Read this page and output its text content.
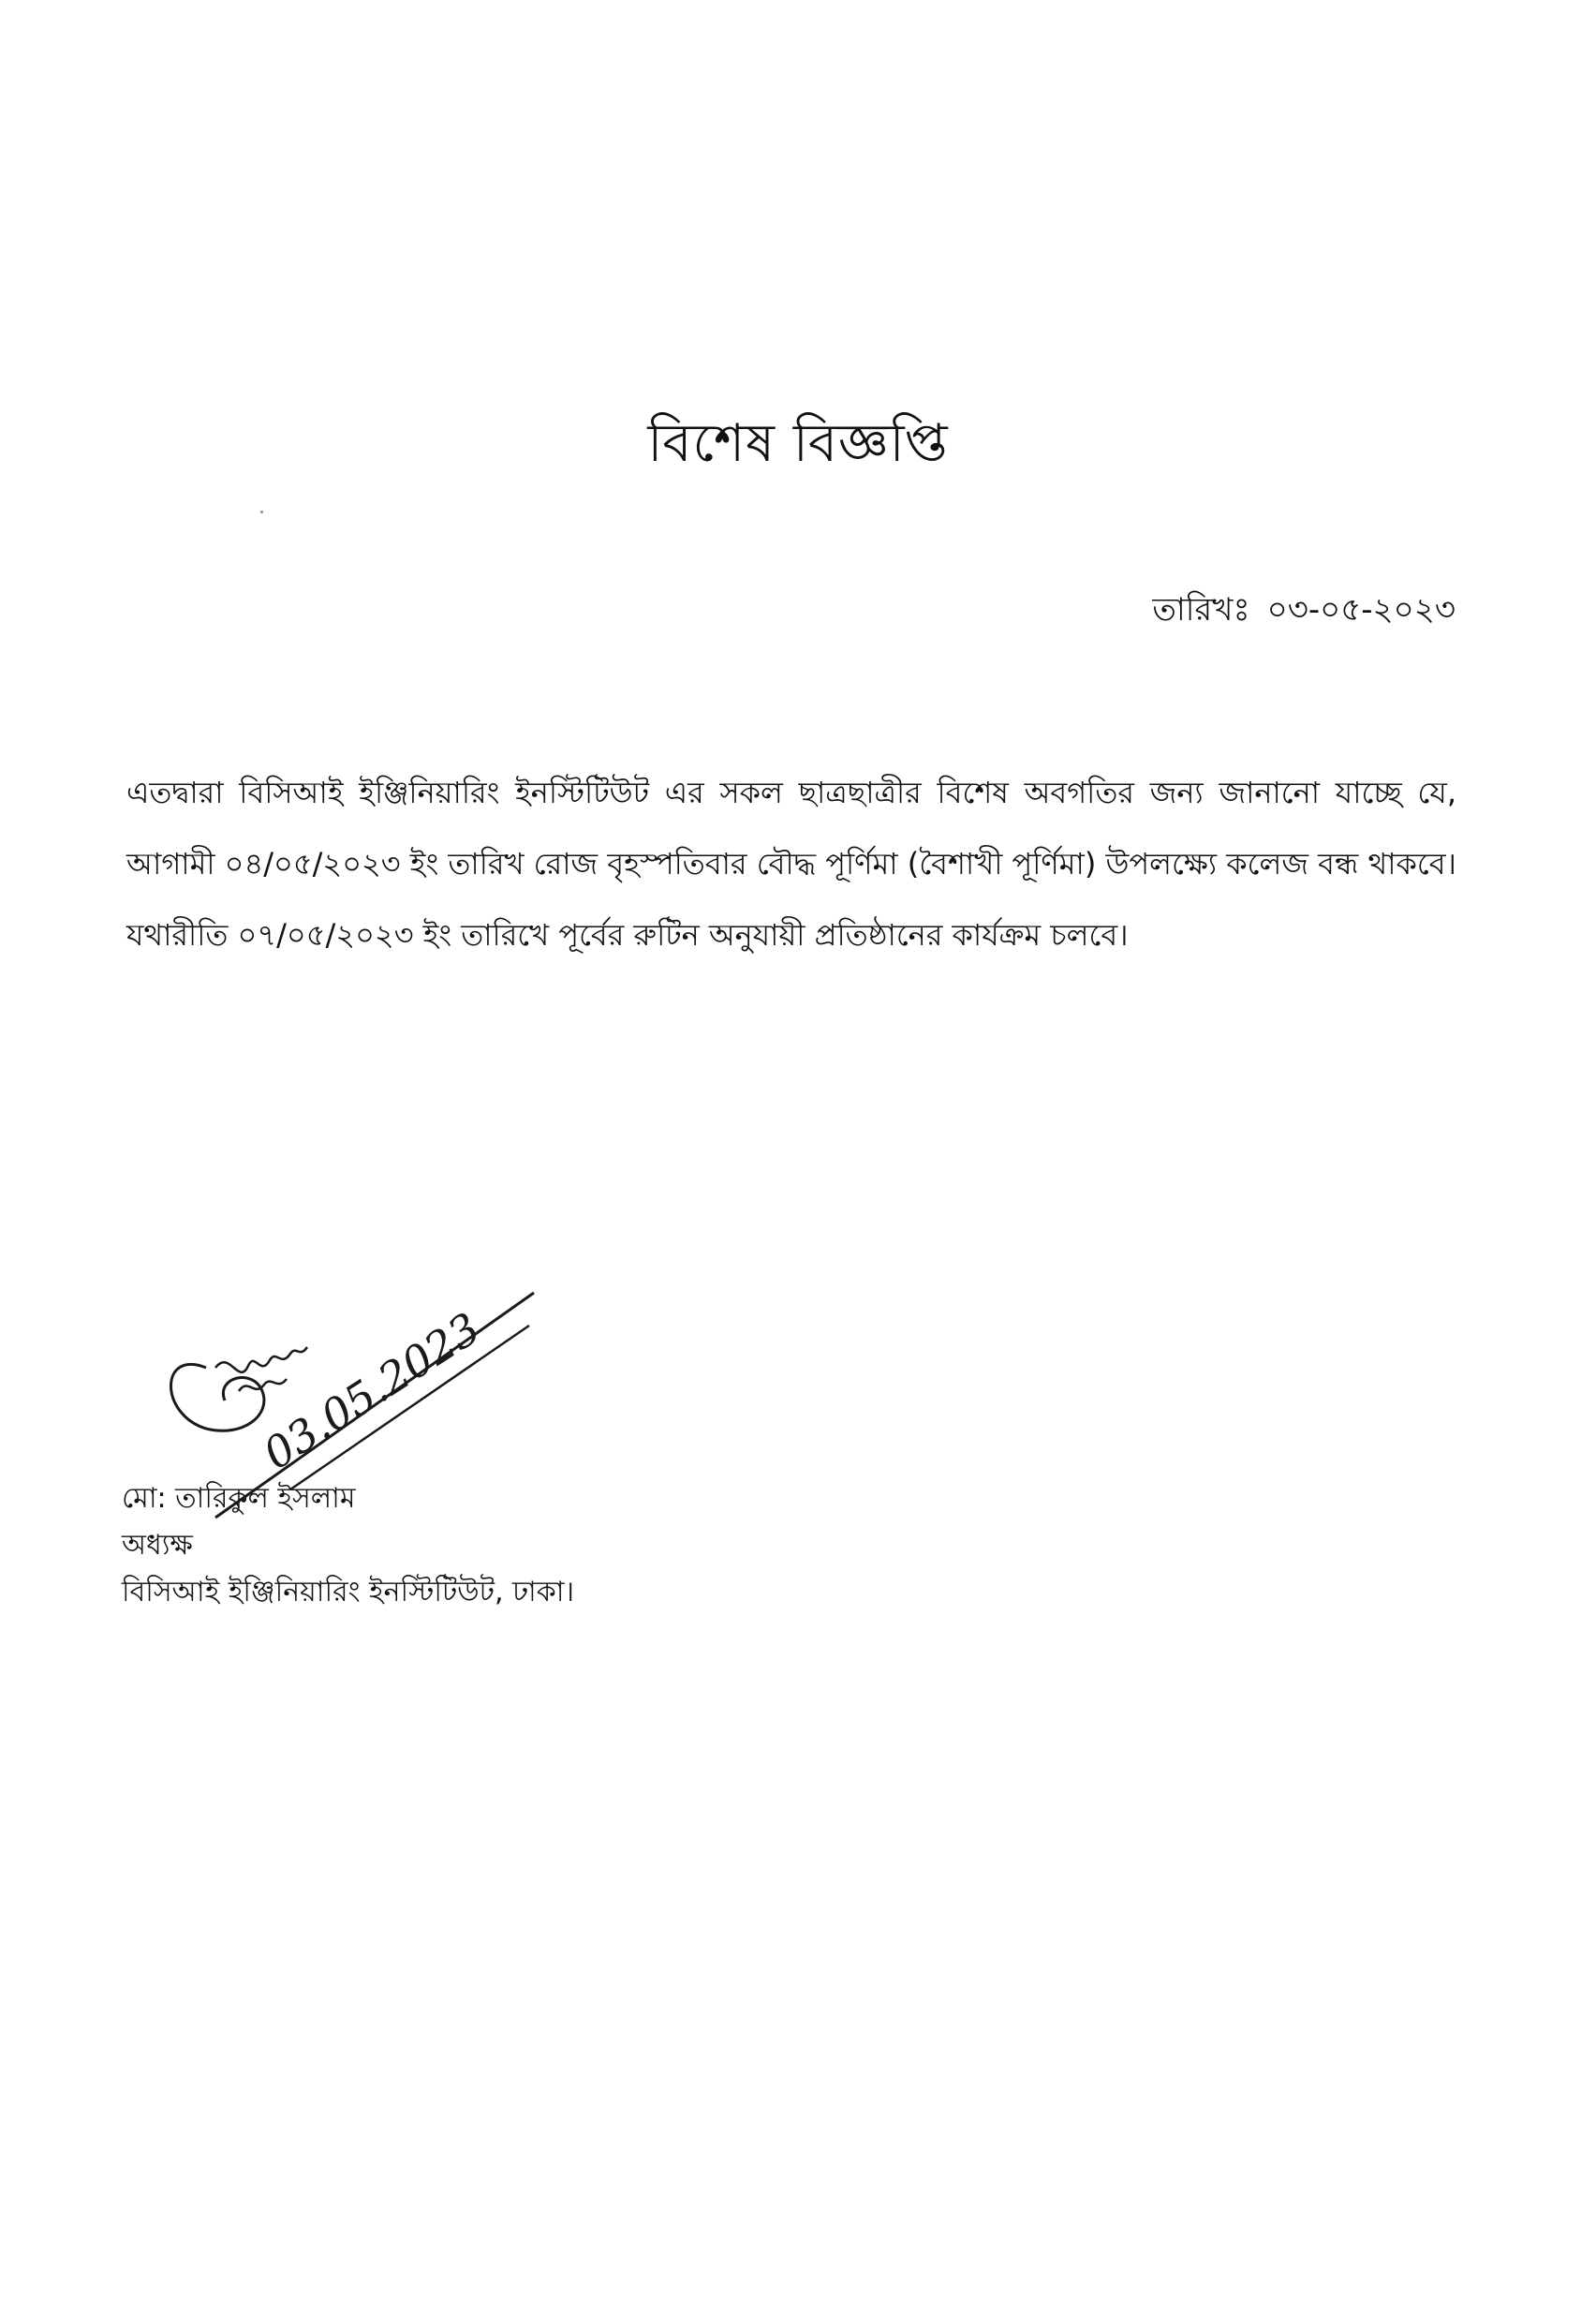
বিশেষ বিজ্ঞপ্তি
তারিখঃ ০৩-০৫-২০২৩
এতদ্বারা বিসিআই ইঞ্জিনিয়ারিং ইনস্টিটিউট এর সকল ছাত্রছাত্রীর বিশেষ অবগতির জন্য জানানো যাচ্ছে যে, আগামী ০৪/০৫/২০২৩ ইং তারিখ রোজ বৃহস্পতিবার বৌদ্ধ পূর্ণিমা (বৈশাখী পূর্ণিমা) উপলক্ষ্যে কলেজ বন্ধ থাকবে। যথারীতি ০৭/০৫/২০২৩ ইং তারিখে পূর্বের রুটিন অনুযায়ী প্রতিষ্ঠানের কার্যক্রম চলবে।
03.05.2023
মো: তারিকুল ইসলাম
অধ্যক্ষ
বিসিআই ইঞ্জিনিয়ারিং ইনস্টিটিউট, ঢাকা।
